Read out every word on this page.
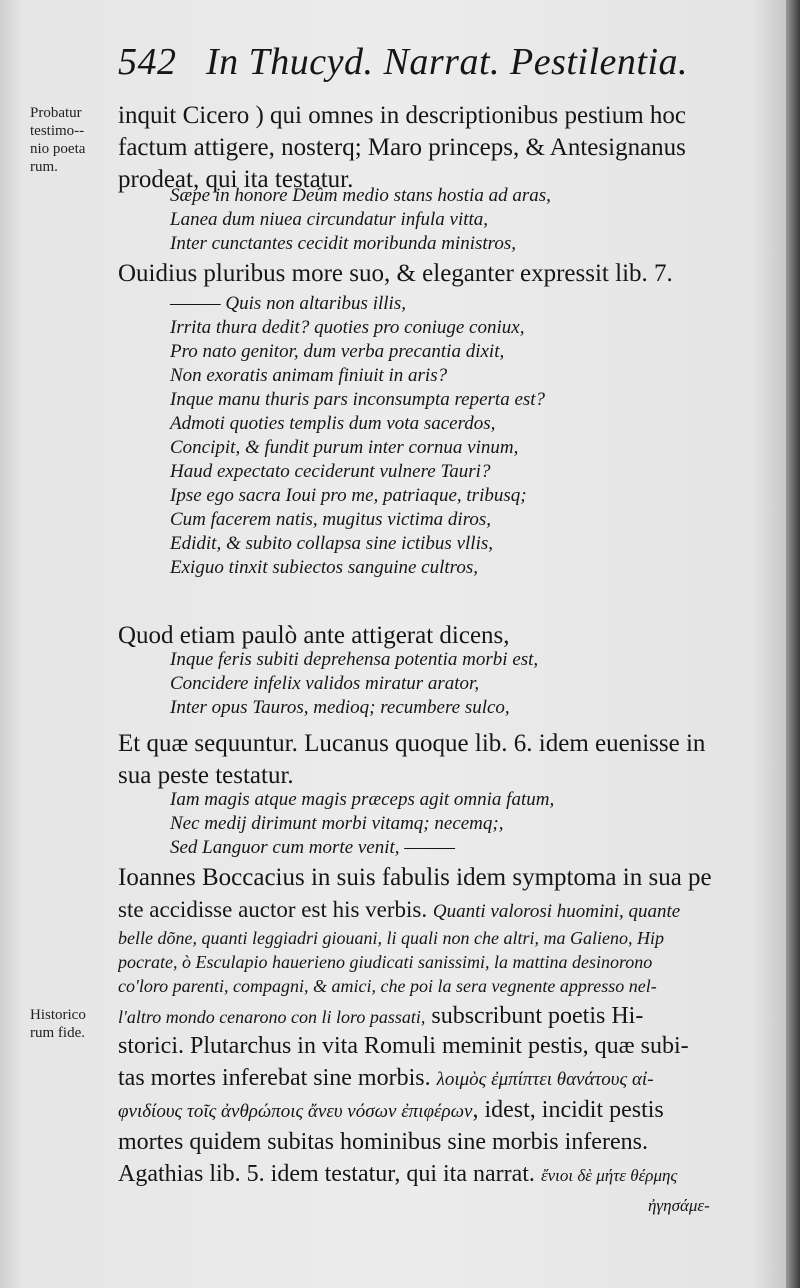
542 In Thucyd. Narrat. Pestilentia.
Probatur
testimo--
nio poeta
rum.
Historico
rum fide.
inquit Cicero ) qui omnes in descriptionibus pestium hoc
factum attigere, nosterq; Maro princeps, & Antesignanus
prodeat, qui ita testatur.
Sæpe in honore Deûm medio stans hostia ad aras,
Lanea dum niuea circundatur infula vitta,
Inter cunctantes cecidit moribunda ministros,
Ouidius pluribus more suo, & eleganter expressit lib. 7.
——— Quis non altaribus illis,
Irrita thura dedit? quoties pro coniuge coniux,
Pro nato genitor, dum verba precantia dixit,
Non exoratis animam finiuit in aris?
Inque manu thuris pars inconsumpta reperta est?
Admoti quoties templis dum vota sacerdos,
Concipit, & fundit purum inter cornua vinum,
Haud expectato ceciderunt vulnere Tauri?
Ipse ego sacra Ioui pro me, patriaque, tribusq;
Cum facerem natis, mugitus victima diros,
Edidit, & subito collapsa sine ictibus vllis,
Exiguo tinxit subiectos sanguine cultros,
Quod etiam paulò ante attigerat dicens,
Inque feris subiti deprehensa potentia morbi est,
Concidere infelix validos miratur arator,
Inter opus Tauros, medioq; recumbere sulco,
Et quæ sequuntur. Lucanus quoque lib. 6. idem euenisse in
sua peste testatur.
Iam magis atque magis præceps agit omnia fatum,
Nec medij dirimunt morbi vitamq; necemq;,
Sed Languor cum morte venit, ———
Ioannes Boccacius in suis fabulis idem symptoma in sua pe
ste accidisse auctor est his verbis. Quanti valorosi huomini, quante
belle dõne, quanti leggiadri giouani, li quali non che altri, ma Galieno, Hip
pocrate, ò Esculapio hauerieno giudicati sanissimi, la mattina desinorono
co'loro parenti, compagni, & amici, che poi la sera vegnente appresso nel-
l'altro mondo cenarono con li loro passati, subscribunt poetis Hi-
storici. Plutarchus in vita Romuli meminit pestis, quæ subi-
tas mortes inferebat sine morbis. λοιμὸς ἐμπίπτει θανάτους αἰ-
φνιδίους τοῖς ἀνθρώποις ἄνευ νόσων ἐπιφέρων, idest, incidit pestis
mortes quidem subitas hominibus sine morbis inferens.
Agathias lib. 5. idem testatur, qui ita narrat. ἔνιοι δὲ μήτε θέρμης
ἠγησάμε-
